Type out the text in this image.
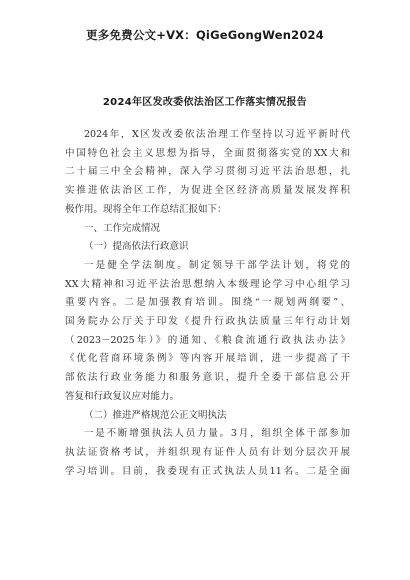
更多免费公文+VX：QiGeGongWen2024
2024年区发改委依法治区工作落实情况报告

2024年，X区发改委依法治理工作坚持以习近平新时代

中国特色社会主义思想为指导，全面贯彻落实党的XX大和

二十届三中全会精神，深入学习贯彻习近平法治思想，扎

实推进依法治区工作，为促进全区经济高质量发展发挥积

极作用。现将全年工作总结汇报如下：

一、工作完成情况

（一）提高依法行政意识

一是健全学法制度。制定领导干部学法计划，将党的

XX大精神和习近平法治思想纳入本级理论学习中心组学习

重要内容。二是加强教育培训。围绕“一规划两纲要”、

国务院办公厅关于印发《提升行政执法质量三年行动计划

（2023－2025年）》的通知、《粮食流通行政执法办法》

《优化营商环境条例》等内容开展培训，进一步提高了干

部依法行政业务能力和服务意识，提升全委干部信息公开

答复和行政复议应对能力。

（二）推进严格规范公正文明执法

一是不断增强执法人员力量。3月，组织全体干部参加

执法证资格考试，并组织现有证件人员有计划分层次开展

学习培训。目前，我委现有正式执法人员11名。二是全面
